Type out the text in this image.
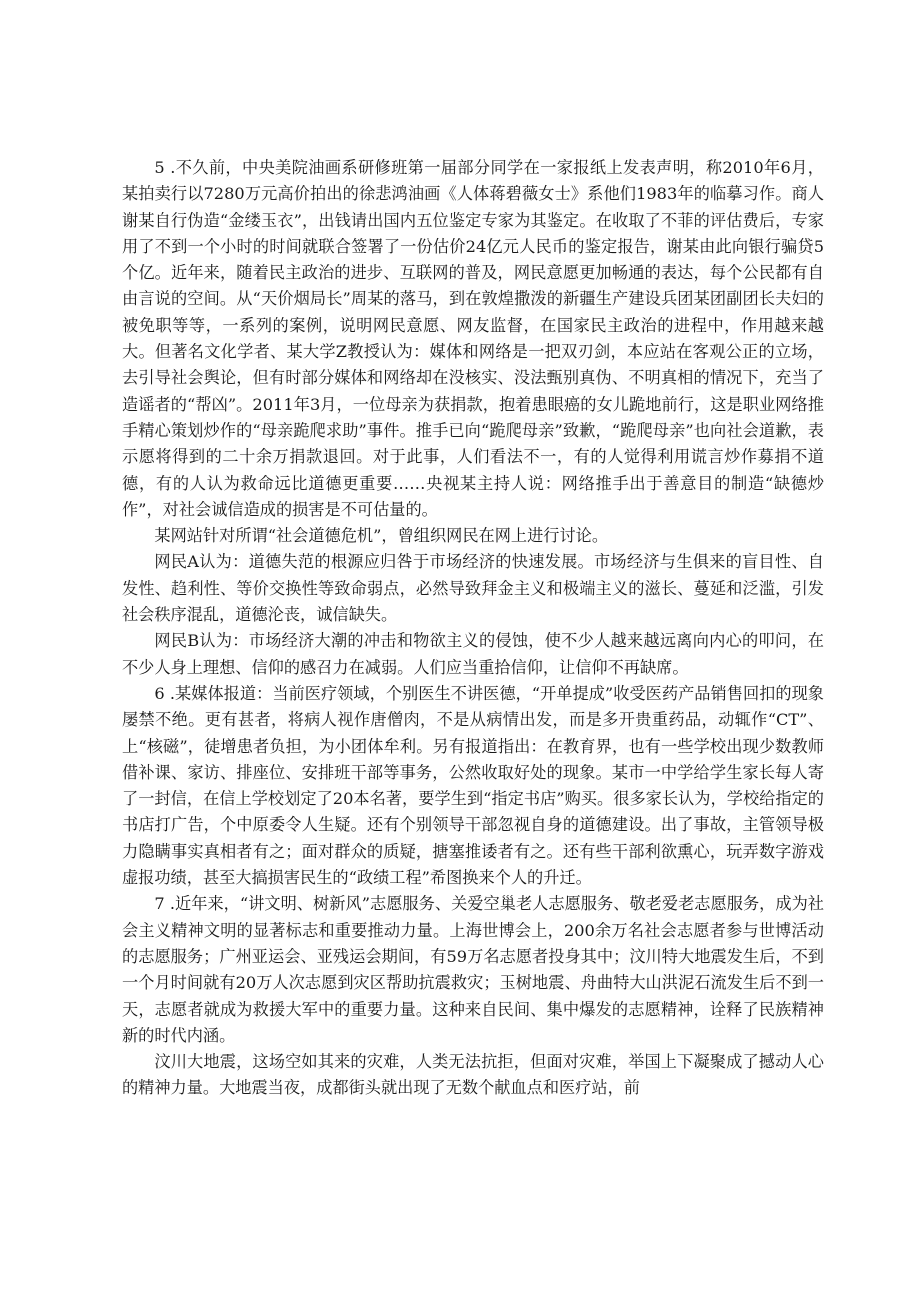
5 .不久前，中央美院油画系研修班第一届部分同学在一家报纸上发表声明，称2010年6月，某拍卖行以7280万元高价拍出的徐悲鸿油画《人体蒋碧薇女士》系他们1983年的临摹习作。商人谢某自行伪造“金缕玉衣”，出钱请出国内五位鉴定专家为其鉴定。在收取了不菲的评估费后，专家用了不到一个小时的时间就联合签署了一份估价24亿元人民币的鉴定报告，谢某由此向银行骗贷5个亿。近年来，随着民主政治的进步、互联网的普及，网民意愿更加畅通的表达，每个公民都有自由言说的空间。从“天价烟局长”周某的落马，到在敦煌撒泼的新疆生产建设兵团某团副团长夫妇的被免职等等，一系列的案例，说明网民意愿、网友监督，在国家民主政治的进程中，作用越来越大。但著名文化学者、某大学Z教授认为：媒体和网络是一把双刃剑，本应站在客观公正的立场，去引导社会舆论，但有时部分媒体和网络却在没核实、没法甄别真伪、不明真相的情况下，充当了造谣者的“帮凶”。2011年3月，一位母亲为获捐款，抱着患眼癌的女儿跪地前行，这是职业网络推手精心策划炒作的“母亲跪爬求助”事件。推手已向“跪爬母亲”致歉，“跪爬母亲”也向社会道歉，表示愿将得到的二十余万捐款退回。对于此事，人们看法不一，有的人觉得利用谎言炒作募捐不道德，有的人认为救命远比道德更重要……央视某主持人说：网络推手出于善意目的制造“缺德炒作”，对社会诚信造成的损害是不可估量的。

某网站针对所谓“社会道德危机”，曾组织网民在网上进行讨论。

网民A认为：道德失范的根源应归咎于市场经济的快速发展。市场经济与生俱来的盲目性、自发性、趋利性、等价交换性等致命弱点，必然导致拜金主义和极端主义的滋长、蔓延和泛滥，引发社会秩序混乱，道德沦丧，诚信缺失。

网民B认为：市场经济大潮的冲击和物欲主义的侵蚀，使不少人越来越远离向内心的叩问，在不少人身上理想、信仰的感召力在减弱。人们应当重拾信仰，让信仰不再缺席。

6 .某媒体报道：当前医疗领域，个别医生不讲医德，“开单提成”收受医药产品销售回扣的现象屡禁不绝。更有甚者，将病人视作唐僧肉，不是从病情出发，而是多开贵重药品，动辄作“CT”、上“核磁”，徒增患者负担，为小团体牟利。另有报道指出：在教育界，也有一些学校出现少数教师借补课、家访、排座位、安排班干部等事务，公然收取好处的现象。某市一中学给学生家长每人寄了一封信，在信上学校划定了20本名著，要学生到“指定书店”购买。很多家长认为，学校给指定的书店打广告，个中原委令人生疑。还有个别领导干部忽视自身的道德建设。出了事故，主管领导极力隐瞒事实真相者有之；面对群众的质疑，搪塞推诿者有之。还有些干部利欲熏心，玩弄数字游戏虚报功绩，甚至大搞损害民生的“政绩工程”希图换来个人的升迁。

7 .近年来，“讲文明、树新风”志愿服务、关爱空巢老人志愿服务、敬老爱老志愿服务，成为社会主义精神文明的显著标志和重要推动力量。上海世博会上，200余万名社会志愿者参与世博活动的志愿服务；广州亚运会、亚残运会期间，有59万名志愿者投身其中；汶川特大地震发生后，不到一个月时间就有20万人次志愿到灾区帮助抗震救灾；玉树地震、舟曲特大山洪泥石流发生后不到一天，志愿者就成为救援大军中的重要力量。这种来自民间、集中爆发的志愿精神，诠释了民族精神新的时代内涵。

汶川大地震，这场空如其来的灾难，人类无法抗拒，但面对灾难，举国上下凝聚成了撼动人心的精神力量。大地震当夜，成都街头就出现了无数个献血点和医疗站，前
